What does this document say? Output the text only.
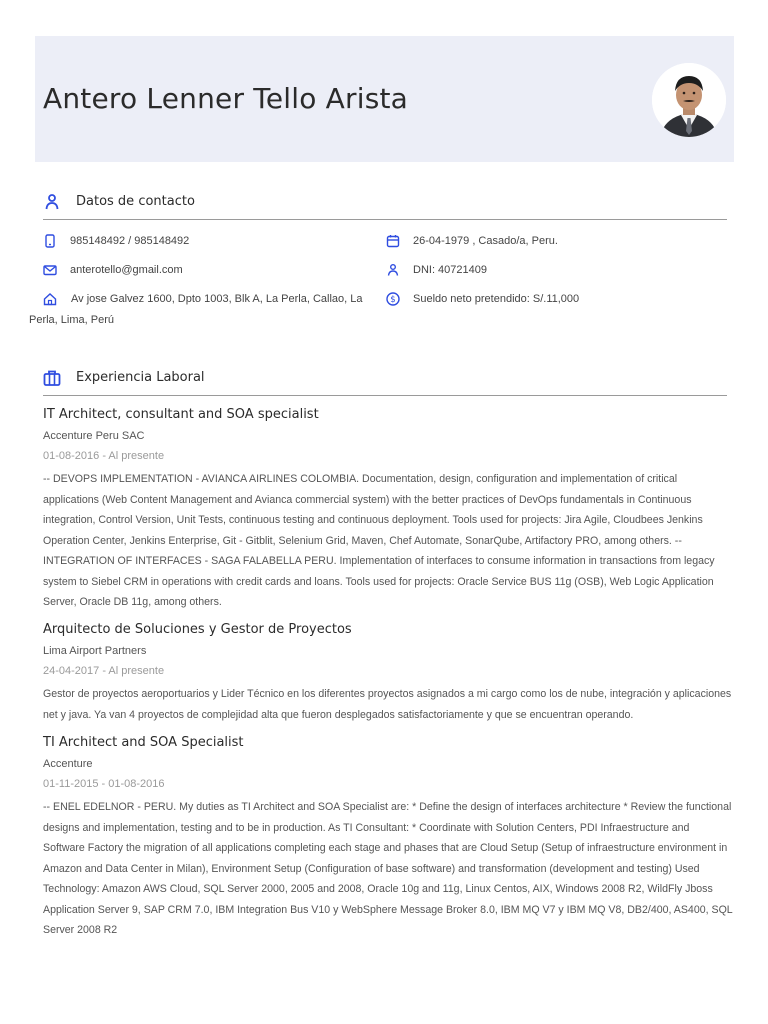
Antero Lenner Tello Arista
Datos de contacto
985148492 / 985148492
anterotello@gmail.com
Av jose Galvez 1600, Dpto 1003, Blk A, La Perla, Callao, La Perla, Lima, Perú
26-04-1979 , Casado/a, Peru.
DNI: 40721409
$ Sueldo neto pretendido: S/.11,000
Experiencia Laboral
IT Architect, consultant and SOA specialist
Accenture Peru SAC
01-08-2016 - Al presente
-- DEVOPS IMPLEMENTATION - AVIANCA AIRLINES COLOMBIA. Documentation, design, configuration and implementation of critical applications (Web Content Management and Avianca commercial system) with the better practices of DevOps fundamentals in Continuous integration, Control Version, Unit Tests, continuous testing and continuous deployment. Tools used for projects: Jira Agile, Cloudbees Jenkins Operation Center, Jenkins Enterprise, Git - Gitblit, Selenium Grid, Maven, Chef Automate, SonarQube, Artifactory PRO, among others. -- INTEGRATION OF INTERFACES - SAGA FALABELLA PERU. Implementation of interfaces to consume information in transactions from legacy system to Siebel CRM in operations with credit cards and loans. Tools used for projects: Oracle Service BUS 11g (OSB), Web Logic Application Server, Oracle DB 11g, among others.
Arquitecto de Soluciones y Gestor de Proyectos
Lima Airport Partners
24-04-2017 - Al presente
Gestor de proyectos aeroportuarios y Lider Técnico en los diferentes proyectos asignados a mi cargo como los de nube, integración y aplicaciones net y java. Ya van 4 proyectos de complejidad alta que fueron desplegados satisfactoriamente y que se encuentran operando.
TI Architect and SOA Specialist
Accenture
01-11-2015 - 01-08-2016
-- ENEL EDELNOR - PERU. My duties as TI Architect and SOA Specialist are: * Define the design of interfaces architecture * Review the functional designs and implementation, testing and to be in production. As TI Consultant: * Coordinate with Solution Centers, PDI Infraestructure and Software Factory the migration of all applications completing each stage and phases that are Cloud Setup (Setup of infraestructure environment in Amazon and Data Center in Milan), Environment Setup (Configuration of base software) and transformation (development and testing) Used Technology: Amazon AWS Cloud, SQL Server 2000, 2005 and 2008, Oracle 10g and 11g, Linux Centos, AIX, Windows 2008 R2, WildFly Jboss Application Server 9, SAP CRM 7.0, IBM Integration Bus V10 y WebSphere Message Broker 8.0, IBM MQ V7 y IBM MQ V8, DB2/400, AS400, SQL Server 2008 R2
